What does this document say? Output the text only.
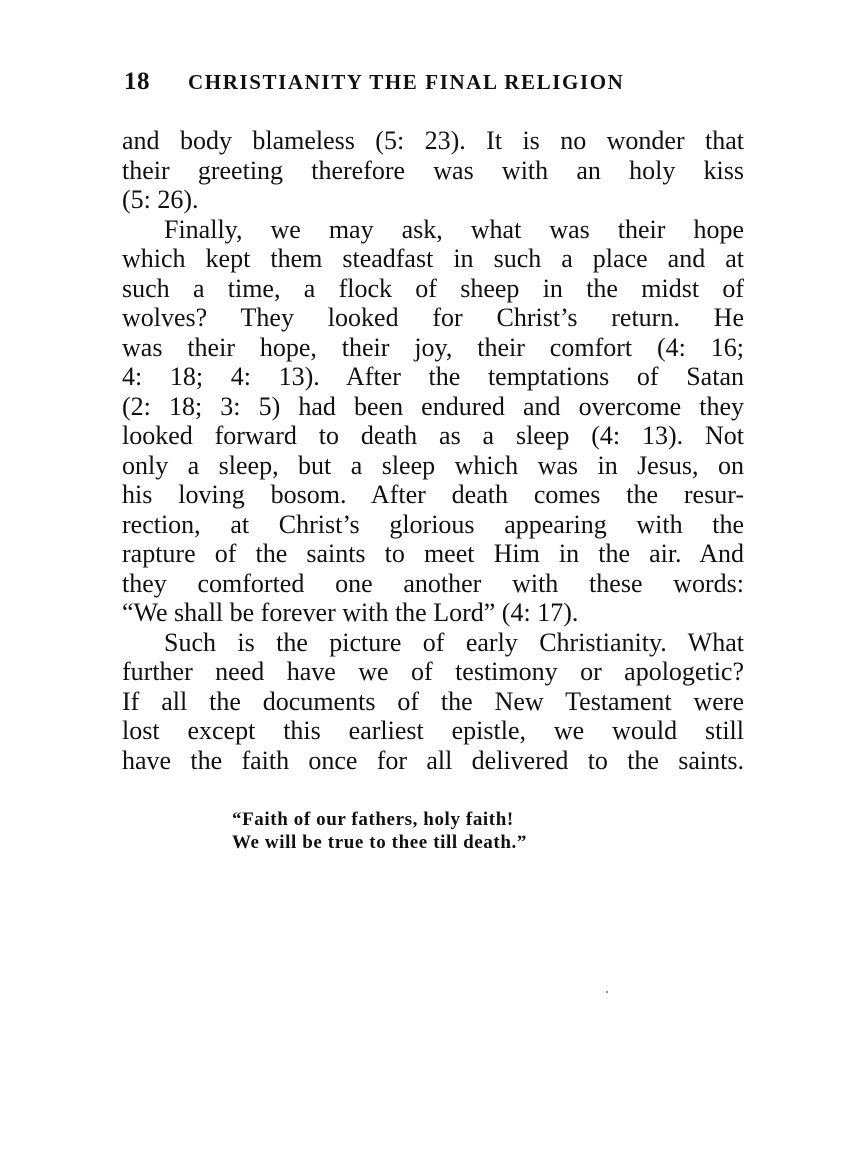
18 CHRISTIANITY THE FINAL RELIGION
and body blameless (5: 23). It is no wonder that
their greeting therefore was with an holy kiss
(5: 26).
Finally, we may ask, what was their hope
which kept them steadfast in such a place and at
such a time, a flock of sheep in the midst of
wolves? They looked for Christ’s return. He
was their hope, their joy, their comfort (4: 16;
4: 18; 4: 13). After the temptations of Satan
(2: 18; 3: 5) had been endured and overcome they
looked forward to death as a sleep (4: 13). Not
only a sleep, but a sleep which was in Jesus, on
his loving bosom. After death comes the resur-
rection, at Christ’s glorious appearing with the
rapture of the saints to meet Him in the air. And
they comforted one another with these words:
“We shall be forever with the Lord” (4: 17).
Such is the picture of early Christianity. What
further need have we of testimony or apologetic?
If all the documents of the New Testament were
lost except this earliest epistle, we would still
have the faith once for all delivered to the saints.
“Faith of our fathers, holy faith!
We will be true to thee till death.”
